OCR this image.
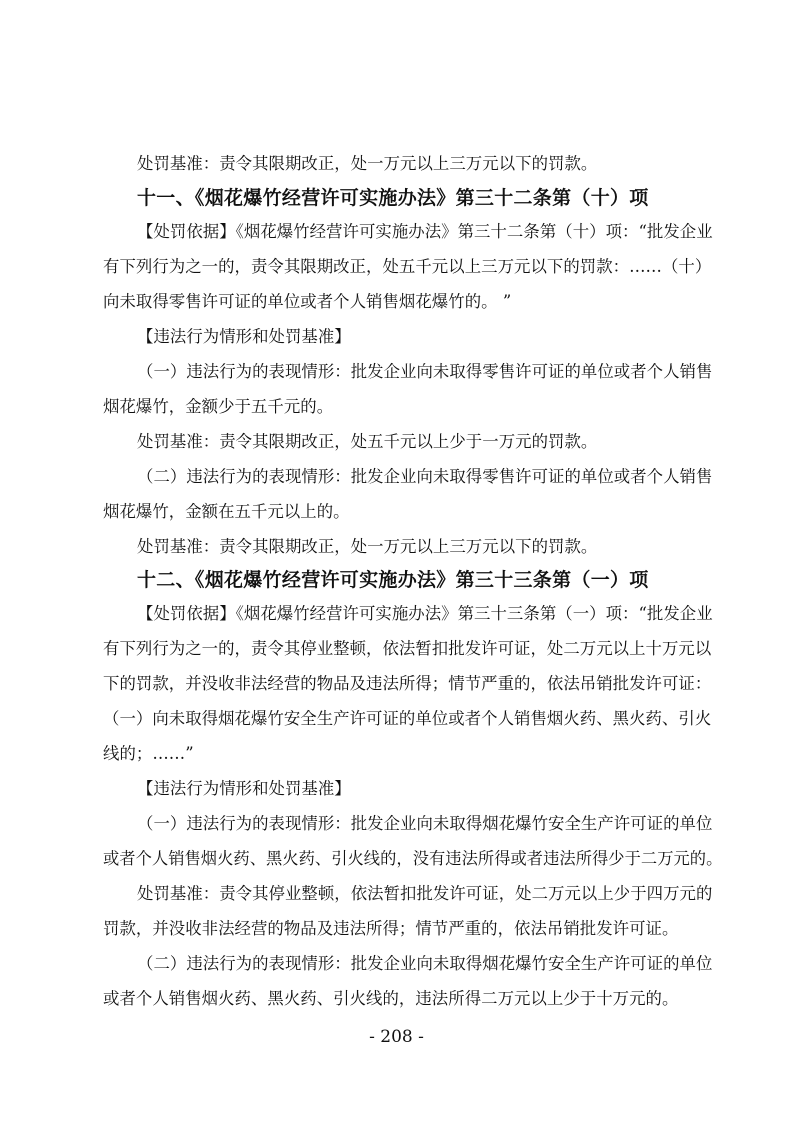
处罚基准：责令其限期改正，处一万元以上三万元以下的罚款。
十一、《烟花爆竹经营许可实施办法》第三十二条第（十）项
【处罚依据】《烟花爆竹经营许可实施办法》第三十二条第（十）项：“批发企业
有下列行为之一的，责令其限期改正，处五千元以上三万元以下的罚款：……（十）
向未取得零售许可证的单位或者个人销售烟花爆竹的。 ”
【违法行为情形和处罚基准】
（一）违法行为的表现情形：批发企业向未取得零售许可证的单位或者个人销售
烟花爆竹，金额少于五千元的。
处罚基准：责令其限期改正，处五千元以上少于一万元的罚款。
（二）违法行为的表现情形：批发企业向未取得零售许可证的单位或者个人销售
烟花爆竹，金额在五千元以上的。
处罚基准：责令其限期改正，处一万元以上三万元以下的罚款。
十二、《烟花爆竹经营许可实施办法》第三十三条第（一）项
【处罚依据】《烟花爆竹经营许可实施办法》第三十三条第（一）项：“批发企业
有下列行为之一的，责令其停业整顿，依法暂扣批发许可证，处二万元以上十万元以
下的罚款，并没收非法经营的物品及违法所得；情节严重的，依法吊销批发许可证：
（一）向未取得烟花爆竹安全生产许可证的单位或者个人销售烟火药、黑火药、引火
线的；……”
【违法行为情形和处罚基准】
（一）违法行为的表现情形：批发企业向未取得烟花爆竹安全生产许可证的单位
或者个人销售烟火药、黑火药、引火线的，没有违法所得或者违法所得少于二万元的。
处罚基准：责令其停业整顿，依法暂扣批发许可证，处二万元以上少于四万元的
罚款，并没收非法经营的物品及违法所得；情节严重的，依法吊销批发许可证。
（二）违法行为的表现情形：批发企业向未取得烟花爆竹安全生产许可证的单位
或者个人销售烟火药、黑火药、引火线的，违法所得二万元以上少于十万元的。
- 208 -
